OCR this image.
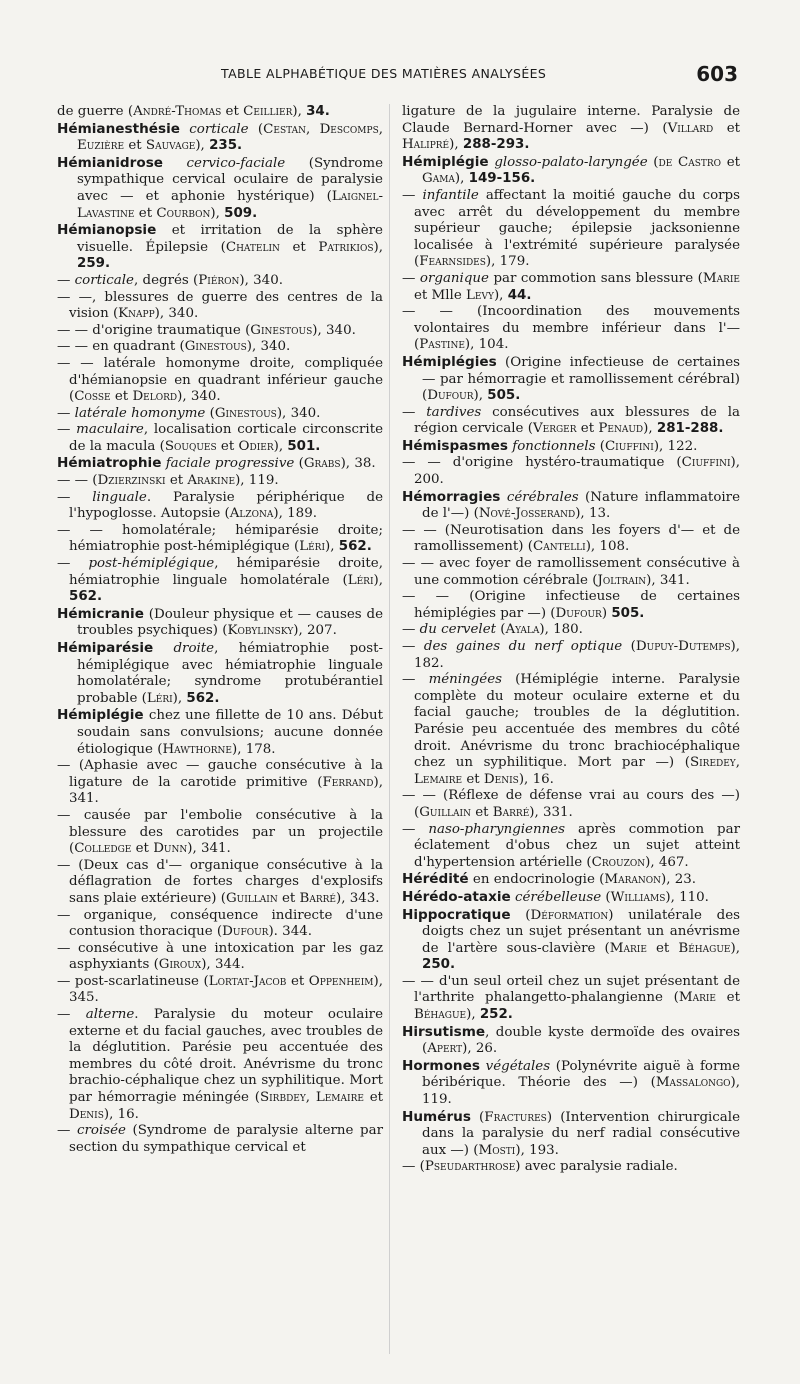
TABLE ALPHABÉTIQUE DES MATIÈRES ANALYSÉES	603

de guerre (André-Thomas et Ceillier), 34.

Hémianesthésie corticale (Cestan, Descomps, Euzière et Sauvage), 235.

Hémianidrose cervico-faciale (Syndrome sympathique cervical oculaire de paralysie avec — et aphonie hystérique) (Laignel-Lavastine et Courbon), 509.

Hémianopsie et irritation de la sphère visuelle. Épilepsie (Chatelin et Patrikios), 259.

— corticale, degrés (Piéron), 340.

— —, blessures de guerre des centres de la vision (Knapp), 340.

— — d'origine traumatique (Ginestous), 340.

— — en quadrant (Ginestous), 340.

— — latérale homonyme droite, compliquée d'hémianopsie en quadrant inférieur gauche (Cosse et Delord), 340.

— latérale homonyme (Ginestous), 340.

— maculaire, localisation corticale circonscrite de la macula (Souques et Odier), 501.

Hémiatrophie faciale progressive (Grabs), 38.

— — (Dzierzinski et Arakine), 119.

— linguale. Paralysie périphérique de l'hypoglosse. Autopsie (Alzona), 189.

— — homolatérale; hémiparésie droite; hémiatrophie post-hémiplégique (Léri), 562.

— post-hémiplégique, hémiparésie droite, hémiatrophie linguale homolatérale (Léri), 562.

Hémicranie (Douleur physique et — causes de troubles psychiques) (Kobylinsky), 207.

Hémiparésie droite, hémiatrophie post-hémiplégique avec hémiatrophie linguale homolatérale; syndrome protubérantiel probable (Léri), 562.

Hémiplégie chez une fillette de 10 ans. Début soudain sans convulsions; aucune donnée étiologique (Hawthorne), 178.

— (Aphasie avec — gauche consécutive à la ligature de la carotide primitive (Ferrand), 341.

— causée par l'embolie consécutive à la blessure des carotides par un projectile (Colledge et Dunn), 341.

— (Deux cas d'— organique consécutive à la déflagration de fortes charges d'explosifs sans plaie extérieure) (Guillain et Barré), 343.

— organique, conséquence indirecte d'une contusion thoracique (Dufour). 344.

— consécutive à une intoxication par les gaz asphyxiants (Giroux), 344.

— post-scarlatineuse (Lortat-Jacob et Oppenheim), 345.

— alterne. Paralysie du moteur oculaire externe et du facial gauches, avec troubles de la déglutition. Parésie peu accentuée des membres du côté droit. Anévrisme du tronc brachio-céphalique chez un syphilitique. Mort par hémorragie méningée (Sirbdey, Lemaire et Denis), 16.

— croisée (Syndrome de paralysie alterne par section du sympathique cervical et

ligature de la jugulaire interne. Paralysie de Claude Bernard-Horner avec —) (Villard et Halipré), 288-293.

Hémiplégie glosso-palato-laryngée (de Castro et Gama), 149-156.

— infantile affectant la moitié gauche du corps avec arrêt du développement du membre supérieur gauche; épilepsie jacksonienne localisée à l'extrémité supérieure paralysée (Fearnsides), 179.

— organique par commotion sans blessure (Marie et Mlle Levy), 44.

— — (Incoordination des mouvements volontaires du membre inférieur dans l'— (Pastine), 104.

Hémiplégies (Origine infectieuse de certaines — par hémorragie et ramollissement cérébral) (Dufour), 505.

— tardives consécutives aux blessures de la région cervicale (Verger et Penaud), 281-288.

Hémispasmes fonctionnels (Ciuffini), 122.

— — d'origine hystéro-traumatique (Ciuffini), 200.

Hémorragies cérébrales (Nature inflammatoire de l'—) (Nové-Josserand), 13.

— — (Neurotisation dans les foyers d'— et de ramollissement) (Cantelli), 108.

— — avec foyer de ramollissement consécutive à une commotion cérébrale (Joltrain), 341.

— — (Origine infectieuse de certaines hémiplégies par —) (Dufour) 505.

— du cervelet (Ayala), 180.

— des gaines du nerf optique (Dupuy-Dutemps), 182.

— méningées (Hémiplégie interne. Paralysie complète du moteur oculaire externe et du facial gauche; troubles de la déglutition. Parésie peu accentuée des membres du côté droit. Anévrisme du tronc brachiocéphalique chez un syphilitique. Mort par —) (Siredey, Lemaire et Denis), 16.

— — (Réflexe de défense vrai au cours des —) (Guillain et Barré), 331.

— naso-pharyngiennes après commotion par éclatement d'obus chez un sujet atteint d'hypertension artérielle (Crouzon), 467.

Hérédité en endocrinologie (Maranon), 23.

Hérédo-ataxie cérébelleuse (Williams), 110.

Hippocratique (Déformation) unilatérale des doigts chez un sujet présentant un anévrisme de l'artère sous-clavière (Marie et Béhague), 250.

— — d'un seul orteil chez un sujet présentant de l'arthrite phalangetto-phalangienne (Marie et Béhague), 252.

Hirsutisme, double kyste dermoïde des ovaires (Apert), 26.

Hormones végétales (Polynévrite aiguë à forme béribérique. Théorie des —) (Massalongo), 119.

Humérus (Fractures) (Intervention chirurgicale dans la paralysie du nerf radial consécutive aux —) (Mosti), 193.

— (Pseudarthrose) avec paralysie radiale.
